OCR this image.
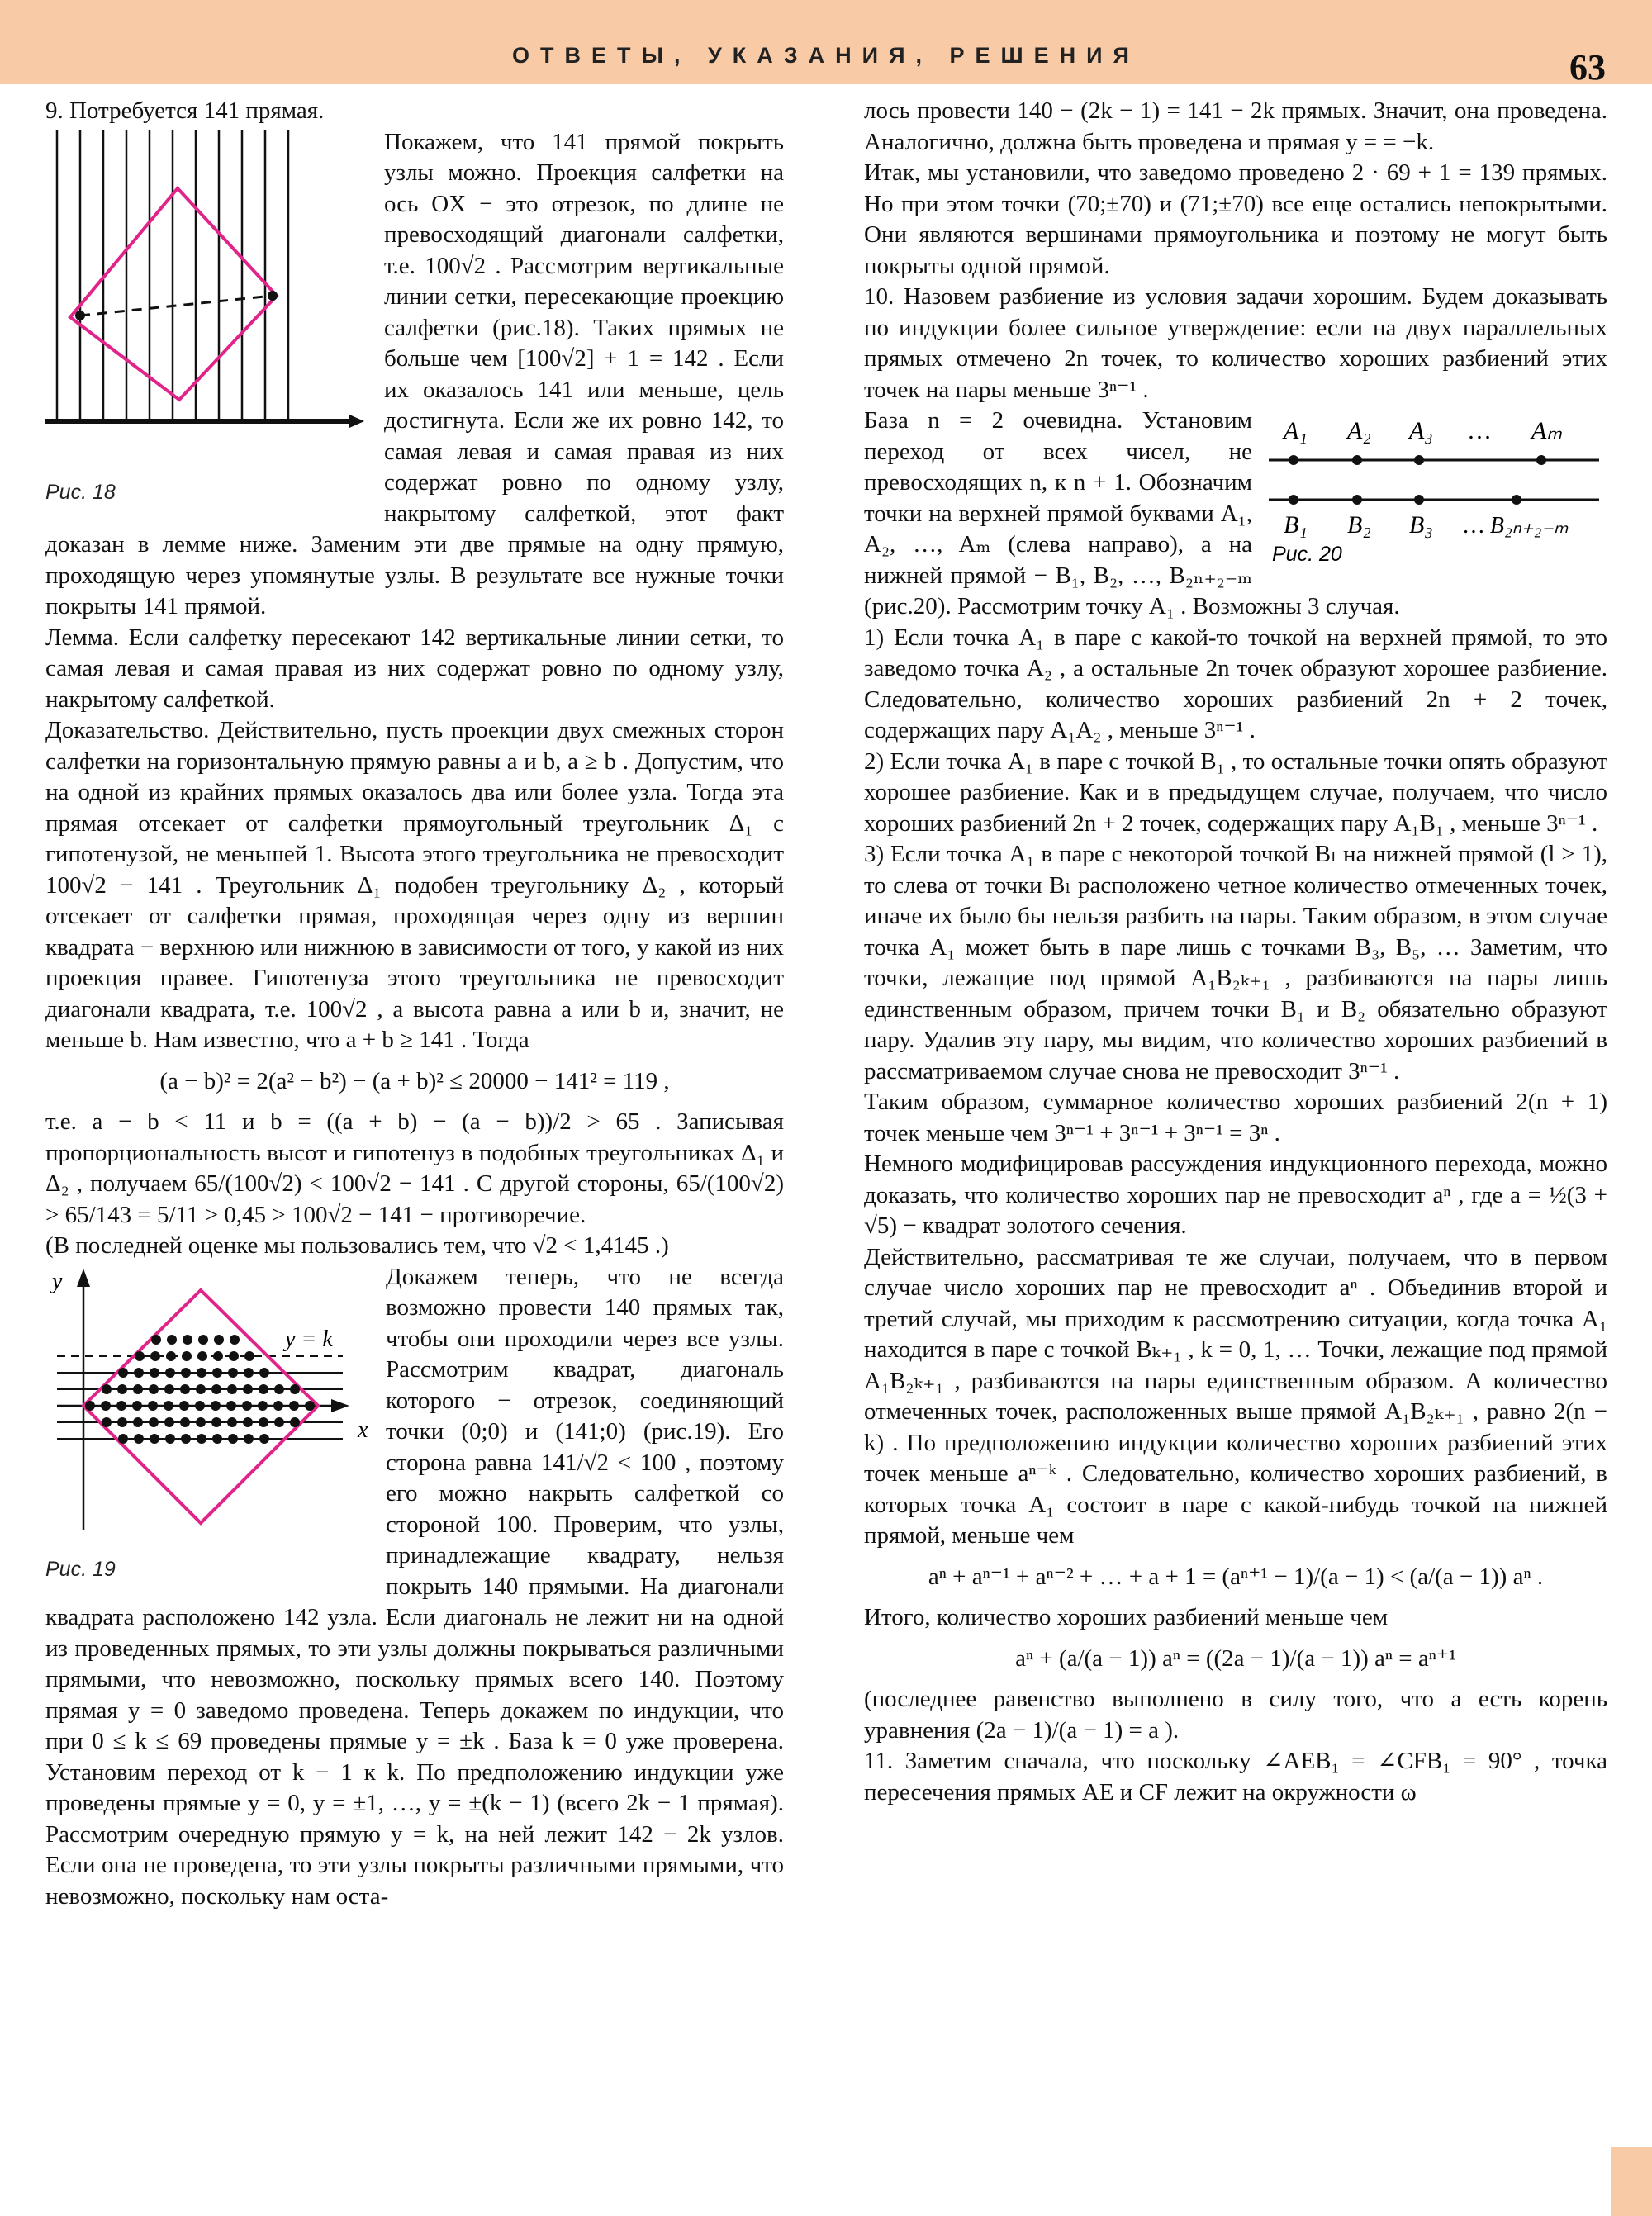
ОТВЕТЫ, УКАЗАНИЯ, РЕШЕНИЯ	63

9. Потребуется 141 прямая.

Рис. 18

Покажем, что 141 прямой покрыть узлы можно. Проекция салфетки на ось OX − это отрезок, по длине не превосходящий диагонали салфетки, т.е. 100√2 . Рассмотрим вертикальные линии сетки, пересекающие проекцию салфетки (рис.18). Таких прямых не больше чем [100√2] + 1 = 142 . Если их оказалось 141 или меньше, цель достигнута. Если же их ровно 142, то самая левая и самая правая из них содержат ровно по одному узлу, накрытому салфеткой, этот факт доказан в лемме ниже. Заменим эти две прямые на одну прямую, проходящую через упомянутые узлы. В результате все нужные точки покрыты 141 прямой.

Лемма. Если салфетку пересекают 142 вертикальные линии сетки, то самая левая и самая правая из них содержат ровно по одному узлу, накрытому салфеткой.

Доказательство. Действительно, пусть проекции двух смежных сторон салфетки на горизонтальную прямую равны a и b, a ≥ b . Допустим, что на одной из крайних прямых оказалось два или более узла. Тогда эта прямая отсекает от салфетки прямоугольный треугольник Δ₁ с гипотенузой, не меньшей 1. Высота этого треугольника не превосходит 100√2 − 141 . Треугольник Δ₁ подобен треугольнику Δ₂ , который отсекает от салфетки прямая, проходящая через одну из вершин квадрата − верхнюю или нижнюю в зависимости от того, у какой из них проекция правее. Гипотенуза этого треугольника не превосходит диагонали квадрата, т.е. 100√2 , а высота равна a или b и, значит, не меньше b. Нам известно, что a + b ≥ 141 . Тогда

(a − b)² = 2(a² − b²) − (a + b)² ≤ 20000 − 141² = 119 ,

т.е. a − b < 11 и b = ((a + b) − (a − b))/2 > 65 . Записывая пропорциональность высот и гипотенуз в подобных треугольниках Δ₁ и Δ₂ , получаем 65/(100√2) < 100√2 − 141 . С другой стороны, 65/(100√2) > 65/143 = 5/11 > 0,45 > 100√2 − 141 − противоречие.

(В последней оценке мы пользовались тем, что √2 < 1,4145 .)

y
x
y = k
Рис. 19

Докажем теперь, что не всегда возможно провести 140 прямых так, чтобы они проходили через все узлы. Рассмотрим квадрат, диагональ которого − отрезок, соединяющий точки (0;0) и (141;0) (рис.19). Его сторона равна 141/√2 < 100 , поэтому его можно накрыть салфеткой со стороной 100. Проверим, что узлы, принадлежащие квадрату, нельзя покрыть 140 прямыми. На диагонали квадрата расположено 142 узла. Если диагональ не лежит ни на одной из проведенных прямых, то эти узлы должны покрываться различными прямыми, что невозможно, поскольку прямых всего 140. Поэтому прямая y = 0 заведомо проведена. Теперь докажем по индукции, что при 0 ≤ k ≤ 69 проведены прямые y = ±k . База k = 0 уже проверена. Установим переход от k − 1 к k. По предположению индукции уже проведены прямые y = 0, y = ±1, …, y = ±(k − 1) (всего 2k − 1 прямая). Рассмотрим очередную прямую y = k, на ней лежит 142 − 2k узлов. Если она не проведена, то эти узлы покрыты различными прямыми, что невозможно, поскольку нам оста-

лось провести 140 − (2k − 1) = 141 − 2k прямых. Значит, она проведена. Аналогично, должна быть проведена и прямая y = = −k.

Итак, мы установили, что заведомо проведено 2 · 69 + 1 = 139 прямых. Но при этом точки (70;±70) и (71;±70) все еще остались непокрытыми. Они являются вершинами прямоугольника и поэтому не могут быть покрыты одной прямой.

10. Назовем разбиение из условия задачи хорошим. Будем доказывать по индукции более сильное утверждение: если на двух параллельных прямых отмечено 2n точек, то количество хороших разбиений этих точек на пары меньше 3ⁿ⁻¹ .

A₁ A₂ A₃ … Aₘ
B₁ B₂ B₃ … B₂ₙ₊₂₋ₘ
Рис. 20

База n = 2 очевидна. Установим переход от всех чисел, не превосходящих n, к n + 1. Обозначим точки на верхней прямой буквами A₁, A₂, …, Aₘ (слева направо), а на нижней прямой − B₁, B₂, …, B₂ₙ₊₂₋ₘ (рис.20). Рассмотрим точку A₁ . Возможны 3 случая.

1) Если точка A₁ в паре с какой-то точкой на верхней прямой, то это заведомо точка A₂ , а остальные 2n точек образуют хорошее разбиение. Следовательно, количество хороших разбиений 2n + 2 точек, содержащих пару A₁A₂ , меньше 3ⁿ⁻¹ .

2) Если точка A₁ в паре с точкой B₁ , то остальные точки опять образуют хорошее разбиение. Как и в предыдущем случае, получаем, что число хороших разбиений 2n + 2 точек, содержащих пару A₁B₁ , меньше 3ⁿ⁻¹ .

3) Если точка A₁ в паре с некоторой точкой Bₗ на нижней прямой (l > 1), то слева от точки Bₗ расположено четное количество отмеченных точек, иначе их было бы нельзя разбить на пары. Таким образом, в этом случае точка A₁ может быть в паре лишь с точками B₃, B₅, … Заметим, что точки, лежащие под прямой A₁B₂ₖ₊₁ , разбиваются на пары лишь единственным образом, причем точки B₁ и B₂ обязательно образуют пару. Удалив эту пару, мы видим, что количество хороших разбиений в рассматриваемом случае снова не превосходит 3ⁿ⁻¹ .

Таким образом, суммарное количество хороших разбиений 2(n + 1) точек меньше чем 3ⁿ⁻¹ + 3ⁿ⁻¹ + 3ⁿ⁻¹ = 3ⁿ .

Немного модифицировав рассуждения индукционного перехода, можно доказать, что количество хороших пар не превосходит aⁿ , где a = ½(3 + √5) − квадрат золотого сечения.

Действительно, рассматривая те же случаи, получаем, что в первом случае число хороших пар не превосходит aⁿ . Объединив второй и третий случай, мы приходим к рассмотрению ситуации, когда точка A₁ находится в паре с точкой Bₖ₊₁ , k = 0, 1, … Точки, лежащие под прямой A₁B₂ₖ₊₁ , разбиваются на пары единственным образом. А количество отмеченных точек, расположенных выше прямой A₁B₂ₖ₊₁ , равно 2(n − k) . По предположению индукции количество хороших разбиений этих точек меньше aⁿ⁻ᵏ . Следовательно, количество хороших разбиений, в которых точка A₁ состоит в паре с какой-нибудь точкой на нижней прямой, меньше чем

aⁿ + aⁿ⁻¹ + aⁿ⁻² + … + a + 1 = (aⁿ⁺¹ − 1)/(a − 1) < (a/(a − 1)) aⁿ .

Итого, количество хороших разбиений меньше чем

aⁿ + (a/(a − 1)) aⁿ = ((2a − 1)/(a − 1)) aⁿ = aⁿ⁺¹

(последнее равенство выполнено в силу того, что a есть корень уравнения (2a − 1)/(a − 1) = a ).

11. Заметим сначала, что поскольку ∠AEB₁ = ∠CFB₁ = 90° , точка пересечения прямых AE и CF лежит на окружности ω
